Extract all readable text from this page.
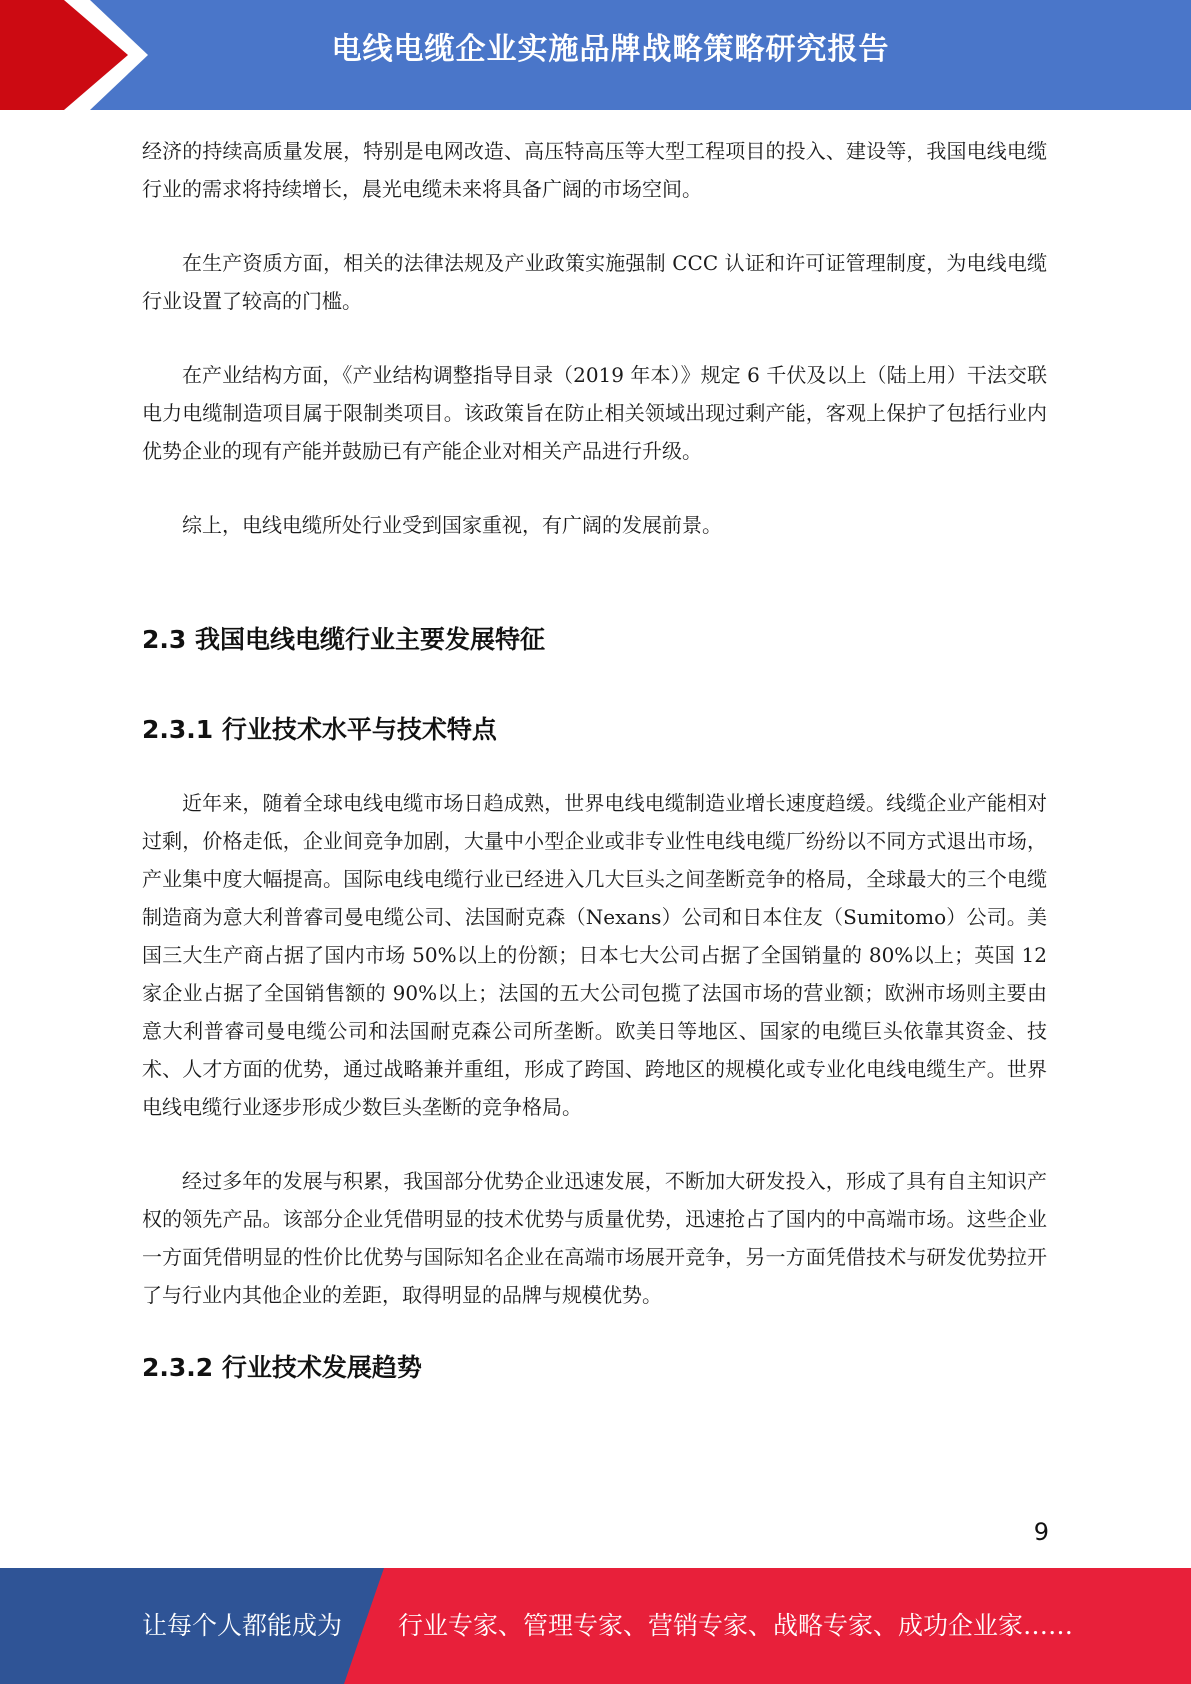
电线电缆企业实施品牌战略策略研究报告

经济的持续高质量发展，特别是电网改造、高压特高压等大型工程项目的投入、建设等，我国电线电缆行业的需求将持续增长，晨光电缆未来将具备广阔的市场空间。

在生产资质方面，相关的法律法规及产业政策实施强制 CCC 认证和许可证管理制度，为电线电缆行业设置了较高的门槛。

在产业结构方面，《产业结构调整指导目录（2019 年本）》规定 6 千伏及以上（陆上用）干法交联电力电缆制造项目属于限制类项目。该政策旨在防止相关领域出现过剩产能，客观上保护了包括行业内优势企业的现有产能并鼓励已有产能企业对相关产品进行升级。

综上，电线电缆所处行业受到国家重视，有广阔的发展前景。

2.3 我国电线电缆行业主要发展特征
2.3.1 行业技术水平与技术特点

近年来，随着全球电线电缆市场日趋成熟，世界电线电缆制造业增长速度趋缓。线缆企业产能相对过剩，价格走低，企业间竞争加剧，大量中小型企业或非专业性电线电缆厂纷纷以不同方式退出市场，产业集中度大幅提高。国际电线电缆行业已经进入几大巨头之间垄断竞争的格局，全球最大的三个电缆制造商为意大利普睿司曼电缆公司、法国耐克森（Nexans）公司和日本住友（Sumitomo）公司。美国三大生产商占据了国内市场 50%以上的份额；日本七大公司占据了全国销量的 80%以上；英国 12 家企业占据了全国销售额的 90%以上；法国的五大公司包揽了法国市场的营业额；欧洲市场则主要由意大利普睿司曼电缆公司和法国耐克森公司所垄断。欧美日等地区、国家的电缆巨头依靠其资金、技术、人才方面的优势，通过战略兼并重组，形成了跨国、跨地区的规模化或专业化电线电缆生产。世界电线电缆行业逐步形成少数巨头垄断的竞争格局。

经过多年的发展与积累，我国部分优势企业迅速发展，不断加大研发投入，形成了具有自主知识产权的领先产品。该部分企业凭借明显的技术优势与质量优势，迅速抢占了国内的中高端市场。这些企业一方面凭借明显的性价比优势与国际知名企业在高端市场展开竞争，另一方面凭借技术与研发优势拉开了与行业内其他企业的差距，取得明显的品牌与规模优势。

2.3.2 行业技术发展趋势
9
让每个人都能成为 行业专家、管理专家、营销专家、战略专家、成功企业家……
